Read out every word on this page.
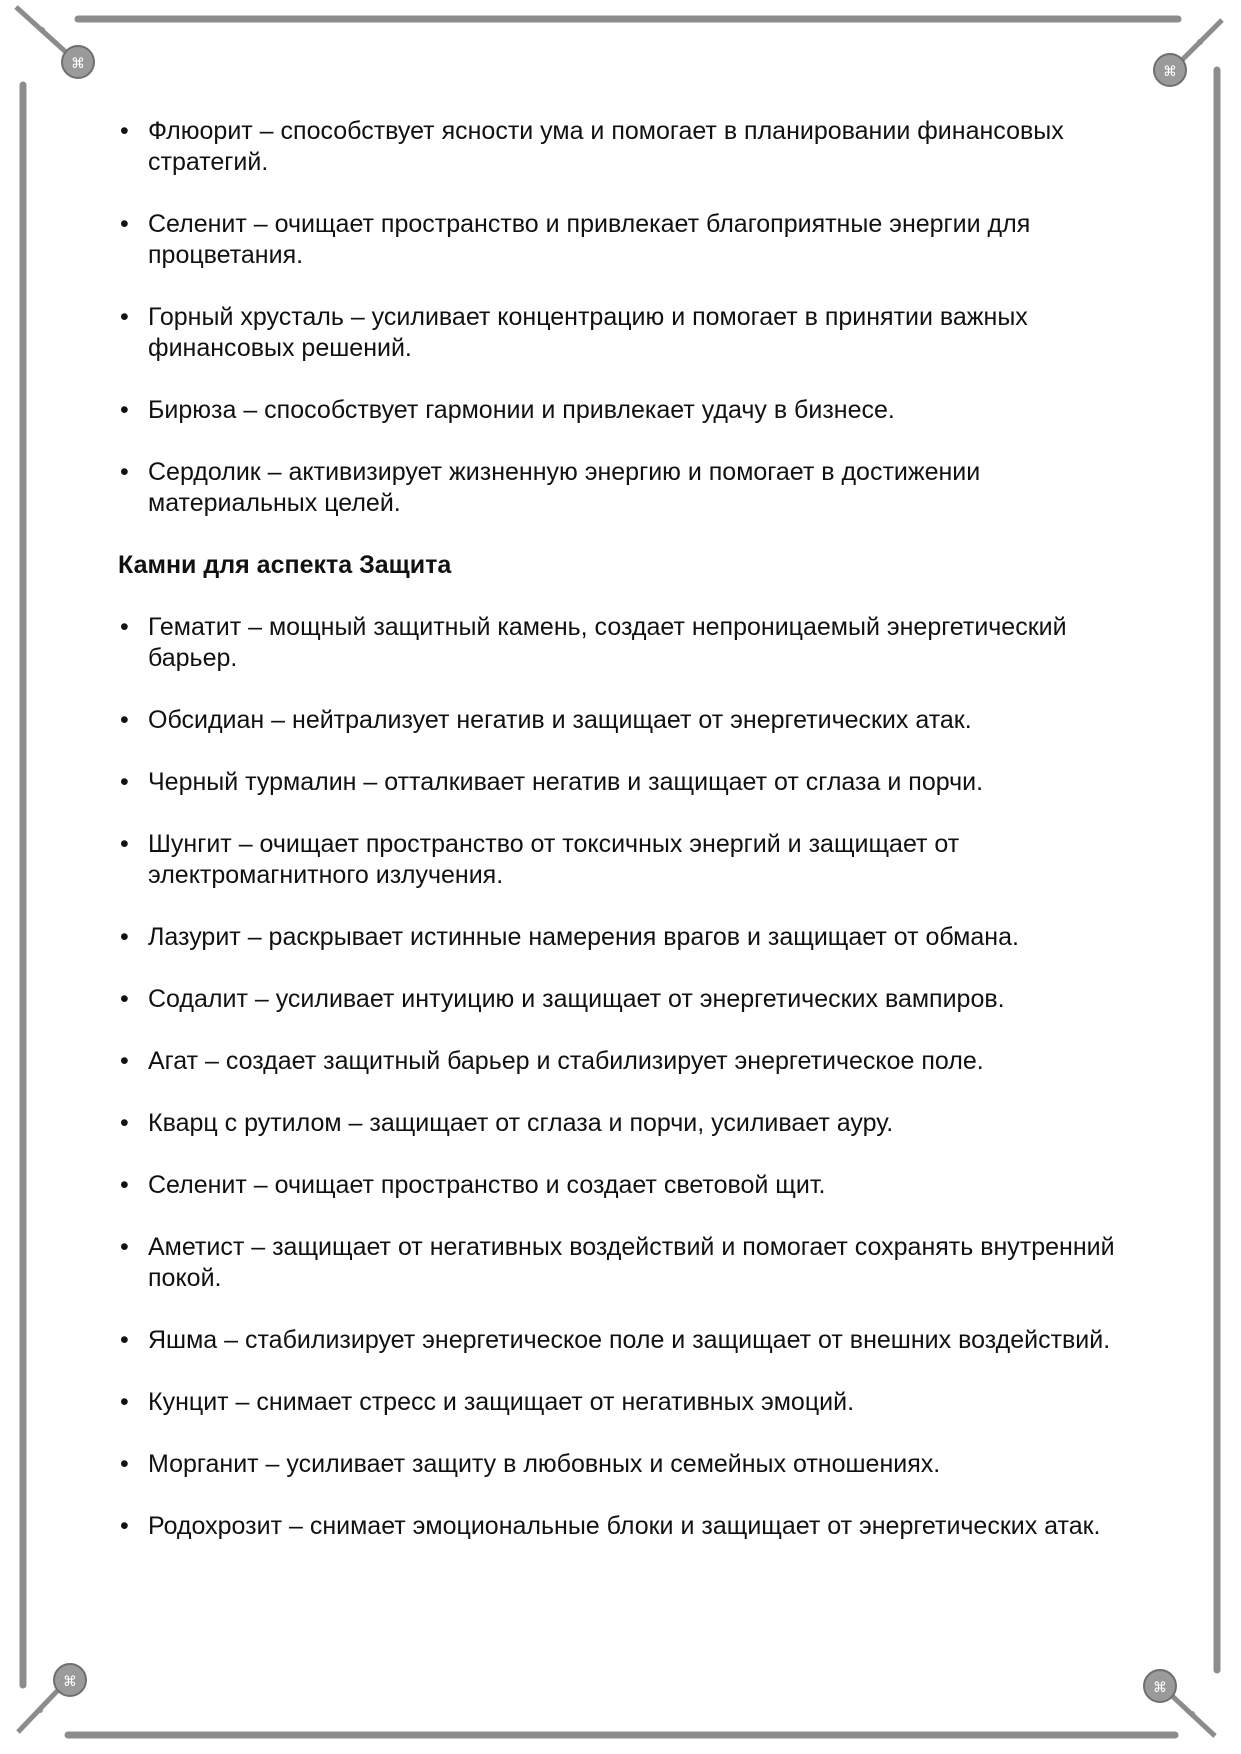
⌘	⌘
⌘	⌘
• Флюорит – способствует ясности ума и помогает в планировании финансовых стратегий.
• Селенит – очищает пространство и привлекает благоприятные энергии для процветания.
• Горный хрусталь – усиливает концентрацию и помогает в принятии важных финансовых решений.
• Бирюза – способствует гармонии и привлекает удачу в бизнесе.
• Сердолик – активизирует жизненную энергию и помогает в достижении материальных целей.
Камни для аспекта Защита
• Гематит – мощный защитный камень, создает непроницаемый энергетический барьер.
• Обсидиан – нейтрализует негатив и защищает от энергетических атак.
• Черный турмалин – отталкивает негатив и защищает от сглаза и порчи.
• Шунгит – очищает пространство от токсичных энергий и защищает от электромагнитного излучения.
• Лазурит – раскрывает истинные намерения врагов и защищает от обмана.
• Содалит – усиливает интуицию и защищает от энергетических вампиров.
• Агат – создает защитный барьер и стабилизирует энергетическое поле.
• Кварц с рутилом – защищает от сглаза и порчи, усиливает ауру.
• Селенит – очищает пространство и создает световой щит.
• Аметист – защищает от негативных воздействий и помогает сохранять внутренний покой.
• Яшма – стабилизирует энергетическое поле и защищает от внешних воздействий.
• Кунцит – снимает стресс и защищает от негативных эмоций.
• Морганит – усиливает защиту в любовных и семейных отношениях.
• Родохрозит – снимает эмоциональные блоки и защищает от энергетических атак.
